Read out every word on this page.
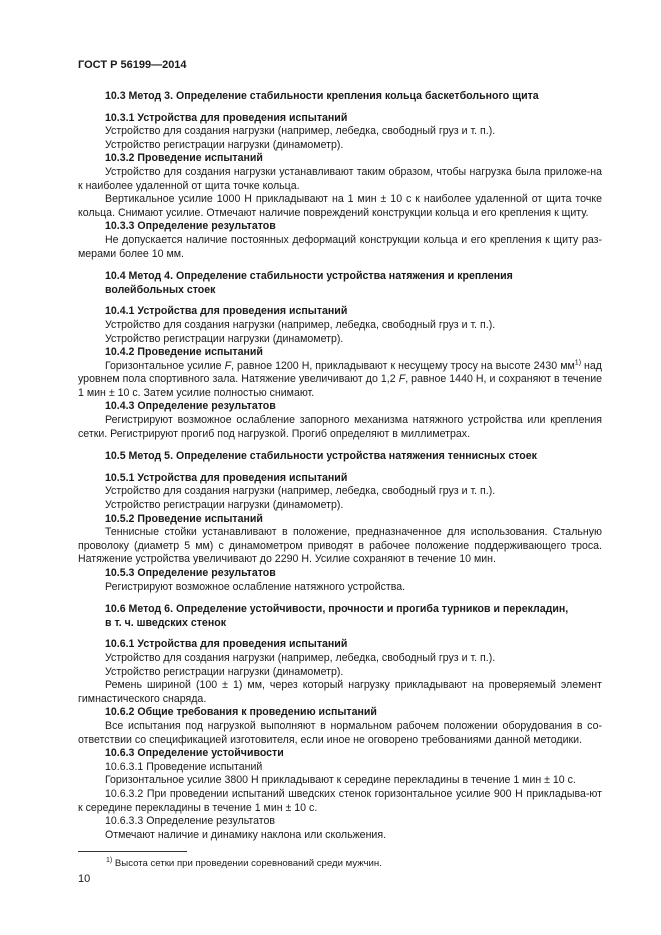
ГОСТ Р 56199—2014

10.3 Метод 3. Определение стабильности крепления кольца баскетбольного щита

10.3.1 Устройства для проведения испытаний

Устройство для создания нагрузки (например, лебедка, свободный груз и т. п.).

Устройство регистрации нагрузки (динамометр).

10.3.2 Проведение испытаний

Устройство для создания нагрузки устанавливают таким образом, чтобы нагрузка была приложе-на к наиболее удаленной от щита точке кольца.

Вертикальное усилие 1000 Н прикладывают на 1 мин ± 10 с к наиболее удаленной от щита точке кольца. Снимают усилие. Отмечают наличие повреждений конструкции кольца и его крепления к щиту.

10.3.3 Определение результатов

Не допускается наличие постоянных деформаций конструкции кольца и его крепления к щиту раз-мерами более 10 мм.

10.4 Метод 4. Определение стабильности устройства натяжения и крепления

волейбольных стоек

10.4.1 Устройства для проведения испытаний

Устройство для создания нагрузки (например, лебедка, свободный груз и т. п.).

Устройство регистрации нагрузки (динамометр).

10.4.2 Проведение испытаний

Горизонтальное усилие F, равное 1200 Н, прикладывают к несущему тросу на высоте 2430 $мм^{1)}$ над уровнем пола спортивного зала. Натяжение увеличивают до 1,2 F, равное 1440 Н, и сохраняют в течение 1 мин ± 10 с. Затем усилие полностью снимают.

10.4.3 Определение результатов

Регистрируют возможное ослабление запорного механизма натяжного устройства или крепления сетки. Регистрируют прогиб под нагрузкой. Прогиб определяют в миллиметрах.

10.5 Метод 5. Определение стабильности устройства натяжения теннисных стоек

10.5.1 Устройства для проведения испытаний

Устройство для создания нагрузки (например, лебедка, свободный груз и т. п.).

Устройство регистрации нагрузки (динамометр).

10.5.2 Проведение испытаний

Теннисные стойки устанавливают в положение, предназначенное для использования. Стальную проволоку (диаметр 5 мм) с динамометром приводят в рабочее положение поддерживающего троса. Натяжение устройства увеличивают до 2290 Н. Усилие сохраняют в течение 10 мин.

10.5.3 Определение результатов

Регистрируют возможное ослабление натяжного устройства.

10.6 Метод 6. Определение устойчивости, прочности и прогиба турников и перекладин,

в т. ч. шведских стенок

10.6.1 Устройства для проведения испытаний

Устройство для создания нагрузки (например, лебедка, свободный груз и т. п.).

Устройство регистрации нагрузки (динамометр).

Ремень шириной (100 ± 1) мм, через который нагрузку прикладывают на проверяемый элемент гимнастического снаряда.

10.6.2 Общие требования к проведению испытаний

Все испытания под нагрузкой выполняют в нормальном рабочем положении оборудования в со-ответствии со спецификацией изготовителя, если иное не оговорено требованиями данной методики.

10.6.3 Определение устойчивости

10.6.3.1 Проведение испытаний

Горизонтальное усилие 3800 Н прикладывают к середине перекладины в течение 1 мин ± 10 с.

10.6.3.2 При проведении испытаний шведских стенок горизонтальное усилие 900 Н прикладыва-ют к середине перекладины в течение 1 мин ± 10 с.

10.6.3.3 Определение результатов

Отмечают наличие и динамику наклона или скольжения.

$^{1)}$ Высота сетки при проведении соревнований среди мужчин.
10
